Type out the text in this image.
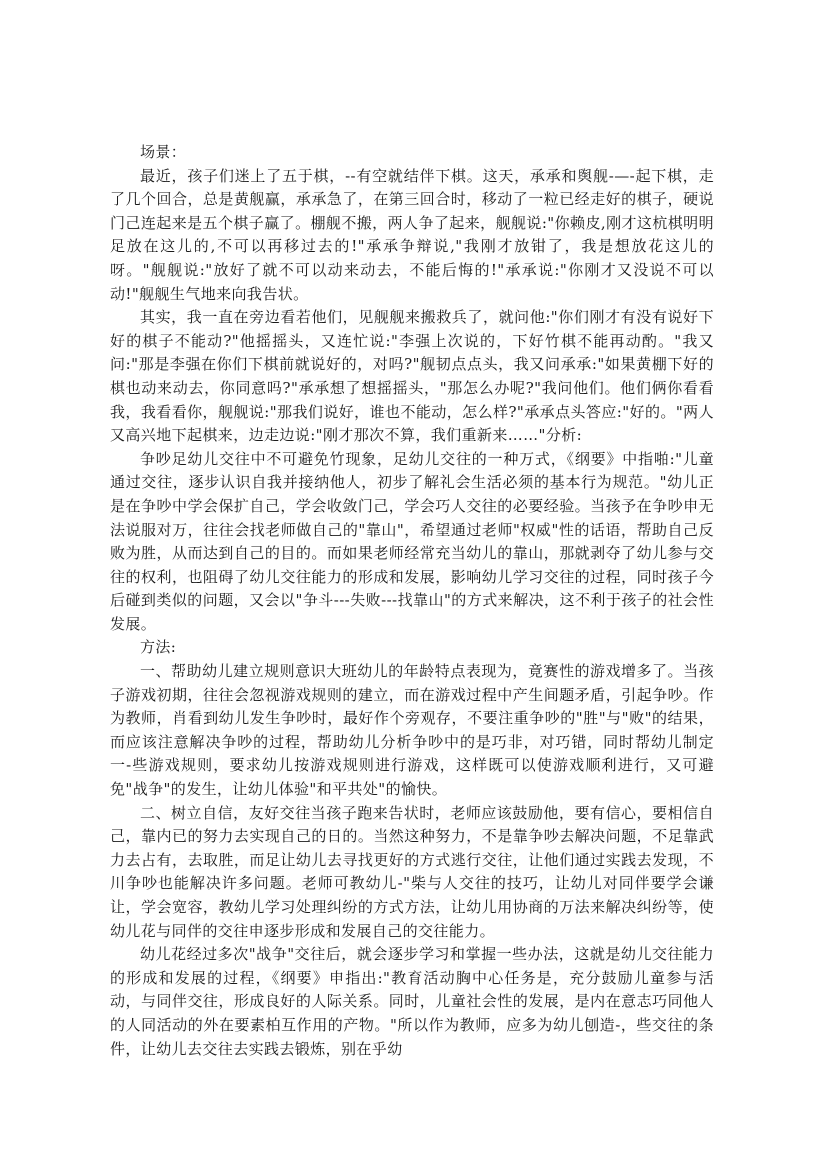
场景：

最近，孩子们迷上了五于棋，--有空就结伴下棋。这天，承承和舆舰-—-起下棋，走了几个回合，总是黄舰赢，承承急了，在第三回合时，移动了一粒已经走好的棋子，硬说门己连起来是五个棋子赢了。棚舰不搬，两人争了起来，舰舰说:"你赖皮,刚才这杭棋明明足放在这儿的,不可以再移过去的!"承承争辩说,"我刚才放钳了，我是想放花这儿的呀。"舰舰说:"放好了就不可以动来动去，不能后悔的!"承承说:"你刚才又没说不可以动!"舰舰生气地来向我告状。

其实，我一直在旁边看若他们，见舰舰来搬救兵了，就问他:"你们刚才有没有说好下好的棋子不能动?"他摇摇头，又连忙说:"李强上次说的，下好竹棋不能再动酌。"我又问:"那是李强在你们下棋前就说好的，对吗?"舰韧点点头，我又问承承:"如果黄棚下好的棋也动来动去，你同意吗?"承承想了想摇摇头，"那怎么办呢?"我问他们。他们俩你看看我，我看看你，舰舰说:"那我们说好，谁也不能动，怎么样?"承承点头答应:"好的。"两人又高兴地下起棋来，边走边说:"刚才那次不算，我们重新来……"分析:

争吵足幼儿交往中不可避免竹现象，足幼儿交往的一种万式，《纲要》中指啪:"儿童通过交往，逐步认识自我并接纳他人，初步了解礼会生活必须的基本行为规范。"幼儿正是在争吵中学会保扩自己，学会收敛门己，学会巧人交往的必要经验。当孩予在争吵申无法说服对万，往往会找老师做自己的"靠山"，希望通过老师"权威"性的话语，帮助自己反败为胜，从而达到自己的目的。而如果老师经常充当幼儿的靠山，那就剥夺了幼儿参与交往的权利，也阻碍了幼儿交往能力的形成和发展，影响幼儿学习交往的过程，同时孩子今后碰到类似的问题，又会以"争斗---失败---找靠山"的方式来解决，这不利于孩子的社会性发展。

方法:

一、帮助幼儿建立规则意识大班幼儿的年龄特点表现为，竟赛性的游戏增多了。当孩子游戏初期，往往会忽视游戏规则的建立，而在游戏过程中产生间题矛盾，引起争吵。作为教师，肖看到幼儿发生争吵时，最好作个旁观存，不要注重争吵的"胜"与"败"的结果，而应该注意解决争吵的过程，帮助幼儿分析争吵中的是巧非，对巧错，同时帮幼儿制定一-些游戏规则，要求幼儿按游戏规则进行游戏，这样既可以使游戏顺利进行，又可避免"战争"的发生，让幼儿体验"和平共处"的愉快。

二、树立自信，友好交往当孩子跑来告状时，老师应该鼓励他，要有信心，要相信自己，靠内已的努力去实现自己的日的。当然这种努力，不是靠争吵去解决问题，不足靠武力去占有，去取胜，而足让幼儿去寻找更好的方式逃行交往，让他们通过实践去发现，不川争吵也能解决许多问题。老师可教幼儿-"柴与人交往的技巧，让幼儿对同伴要学会谦让，学会宽容，教幼儿学习处理纠纷的方式方法，让幼儿用协商的万法来解决纠纷等，使幼儿花与同伴的交往申逐步形成和发展自己的交往能力。

幼儿花经过多次"战争"交往后，就会逐步学习和掌握一些办法，这就是幼儿交往能力的形成和发展的过程，《纲要》申指出:"教育活动胸中心任务是，充分鼓励儿童参与活动，与同伴交往，形成良好的人际关系。同时，儿童社会性的发展，是内在意志巧同他人的人同活动的外在要素柏互作用的产物。"所以作为教师，应多为幼儿刨造-，些交往的条件，让幼儿去交往去实践去锻炼，别在乎幼
